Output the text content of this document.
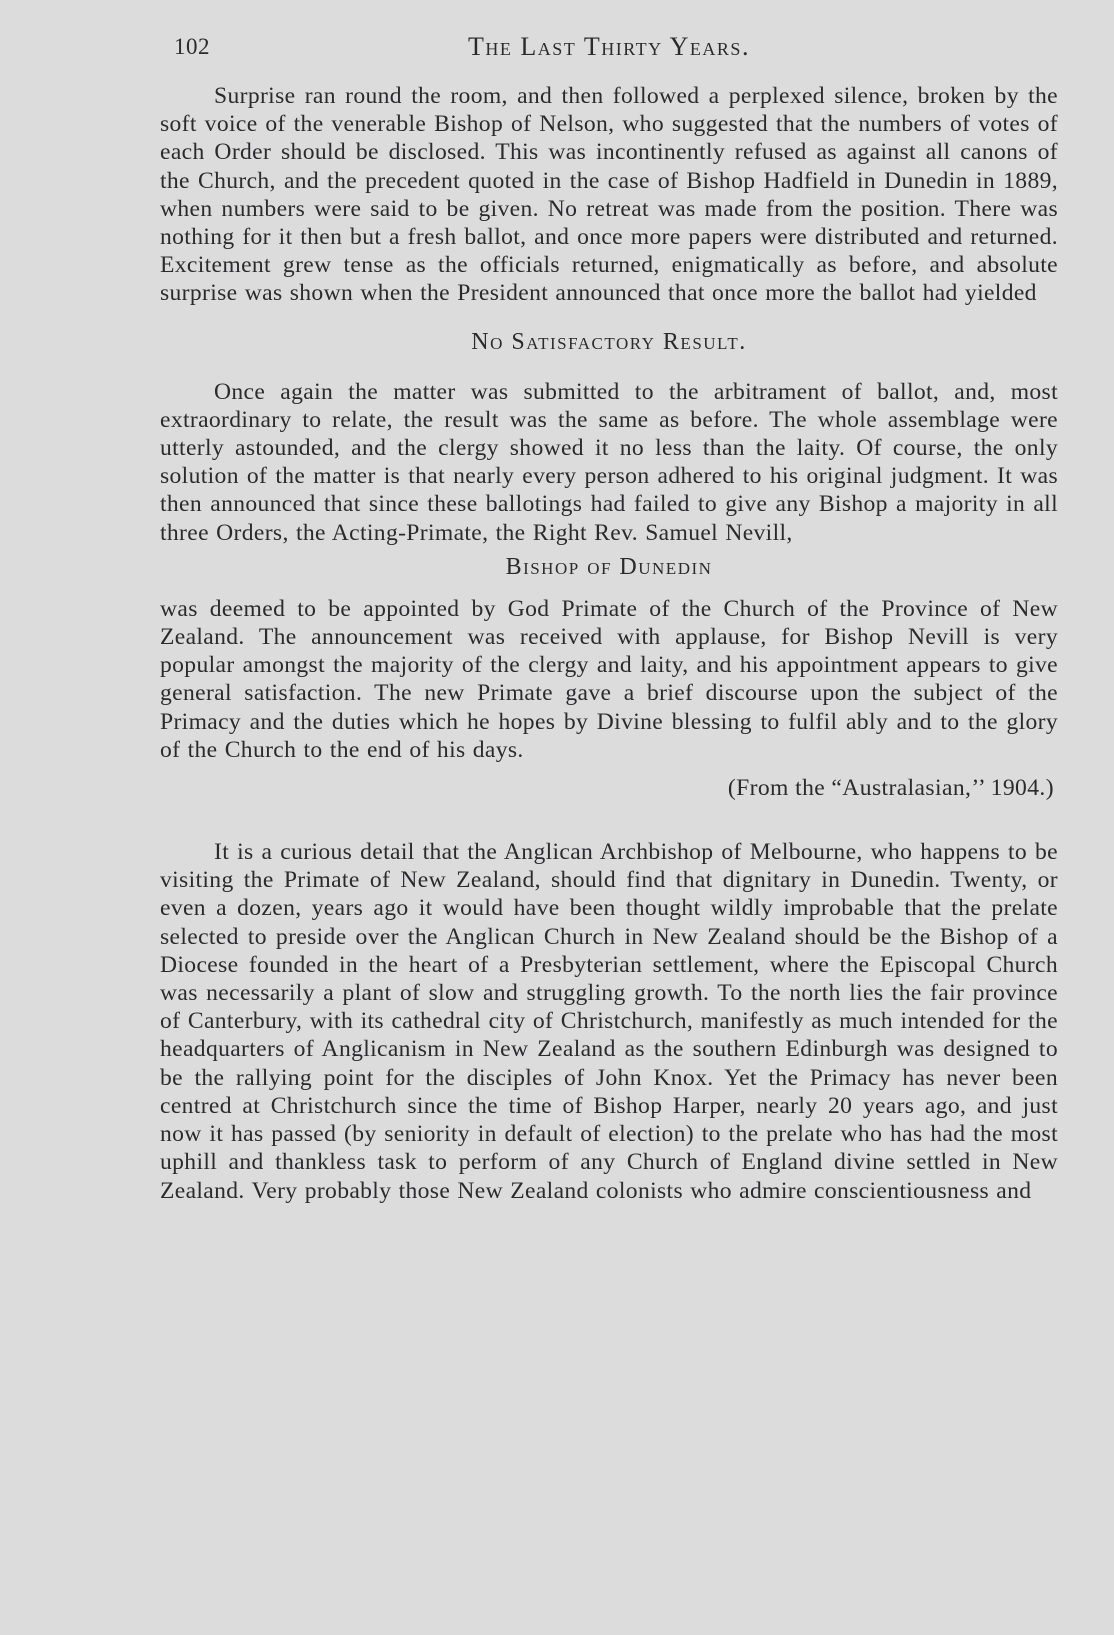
102	The Last Thirty Years.

Surprise ran round the room, and then followed a perplexed silence, broken by the soft voice of the venerable Bishop of Nelson, who suggested that the numbers of votes of each Order should be disclosed. This was incontinently refused as against all canons of the Church, and the precedent quoted in the case of Bishop Hadfield in Dunedin in 1889, when numbers were said to be given. No retreat was made from the position. There was nothing for it then but a fresh ballot, and once more papers were distributed and returned. Excitement grew tense as the officials returned, enigmatically as before, and absolute surprise was shown when the President announced that once more the ballot had yielded

No Satisfactory Result.

Once again the matter was submitted to the arbitrament of ballot, and, most extraordinary to relate, the result was the same as before. The whole assemblage were utterly astounded, and the clergy showed it no less than the laity. Of course, the only solution of the matter is that nearly every person adhered to his original judgment. It was then announced that since these ballotings had failed to give any Bishop a majority in all three Orders, the Acting-Primate, the Right Rev. Samuel Nevill,

Bishop of Dunedin

was deemed to be appointed by God Primate of the Church of the Province of New Zealand. The announcement was received with applause, for Bishop Nevill is very popular amongst the majority of the clergy and laity, and his appointment appears to give general satisfaction. The new Primate gave a brief discourse upon the subject of the Primacy and the duties which he hopes by Divine blessing to fulfil ably and to the glory of the Church to the end of his days.

(From the “Australasian,’’ 1904.)

It is a curious detail that the Anglican Archbishop of Melbourne, who happens to be visiting the Primate of New Zealand, should find that dignitary in Dunedin. Twenty, or even a dozen, years ago it would have been thought wildly improbable that the prelate selected to preside over the Anglican Church in New Zealand should be the Bishop of a Diocese founded in the heart of a Presbyterian settlement, where the Episcopal Church was necessarily a plant of slow and struggling growth. To the north lies the fair province of Canterbury, with its cathedral city of Christchurch, manifestly as much intended for the headquarters of Anglicanism in New Zealand as the southern Edinburgh was designed to be the rallying point for the disciples of John Knox. Yet the Primacy has never been centred at Christchurch since the time of Bishop Harper, nearly 20 years ago, and just now it has passed (by seniority in default of election) to the prelate who has had the most uphill and thankless task to perform of any Church of England divine settled in New Zealand. Very probably those New Zealand colonists who admire conscientiousness and
